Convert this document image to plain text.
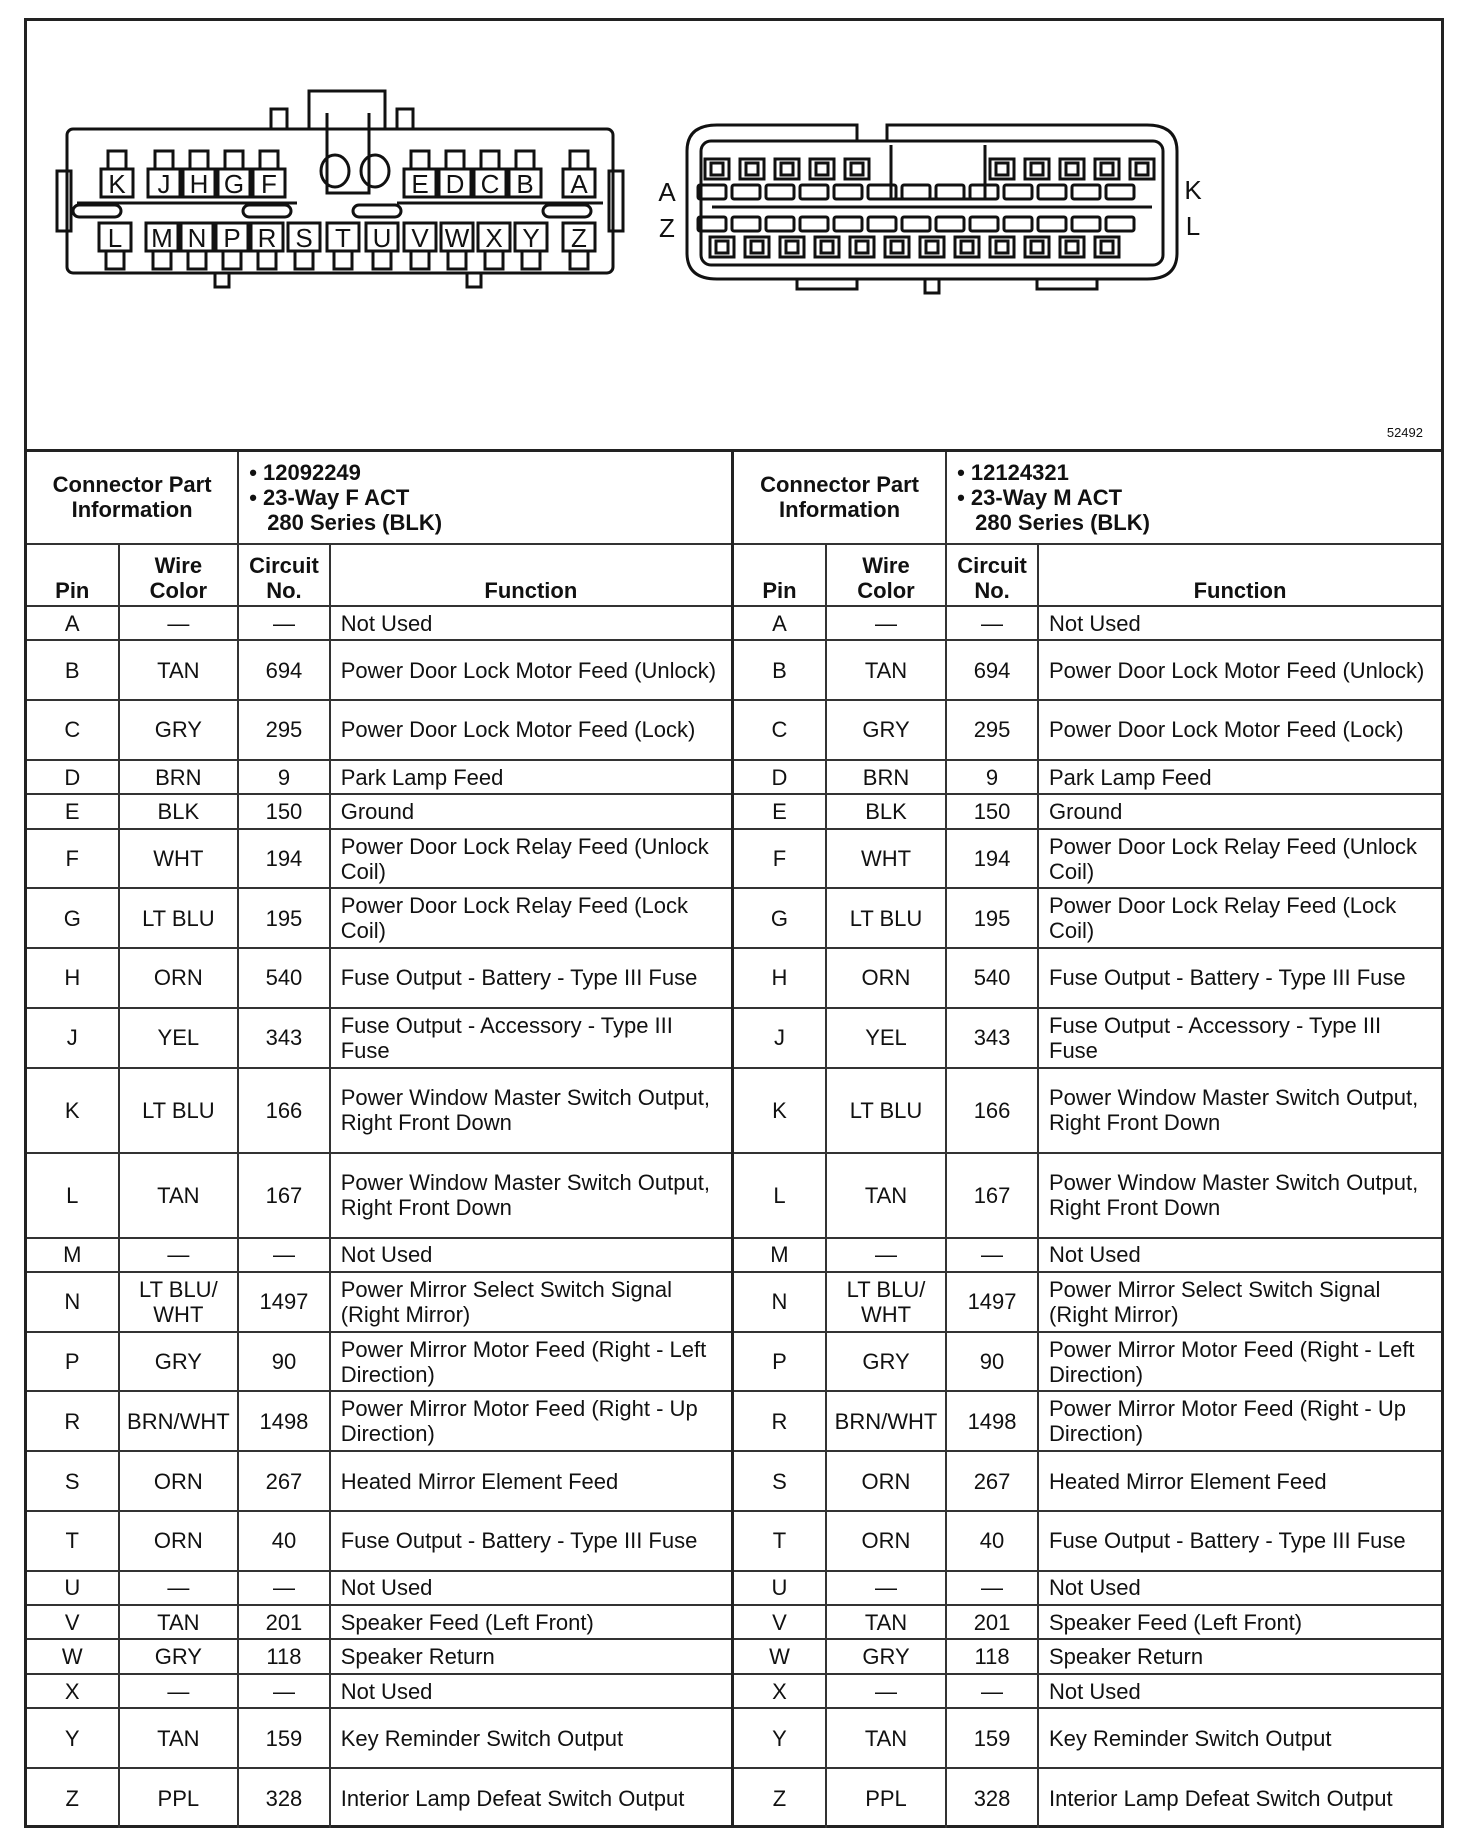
K J H G F	E D C B A
L M N P R S T U V W X Y Z
A
Z
K
L
52492
Connector Part Information		• 12092249
• 23-Way F ACT
280 Series (BLK)	

Pin	Wire Color	Circuit No.	Function
A	—	—	Not Used
B	TAN	694	Power Door Lock Motor Feed (Unlock)
C	GRY	295	Power Door Lock Motor Feed (Lock)
D	BRN	9	Park Lamp Feed
E	BLK	150	Ground
F	WHT	194	Power Door Lock Relay Feed (Unlock Coil)
G	LT BLU	195	Power Door Lock Relay Feed (Lock Coil)
H	ORN	540	Fuse Output - Battery - Type III Fuse
J	YEL	343	Fuse Output - Accessory - Type III Fuse
K	LT BLU	166	Power Window Master Switch Output, Right Front Down
L	TAN	167	Power Window Master Switch Output, Right Front Down
M	—	—	Not Used
N	LT BLU/ WHT	1497	Power Mirror Select Switch Signal (Right Mirror)
P	GRY	90	Power Mirror Motor Feed (Right - Left Direction)
R	BRN/WHT	1498	Power Mirror Motor Feed (Right - Up Direction)
S	ORN	267	Heated Mirror Element Feed
T	ORN	40	Fuse Output - Battery - Type III Fuse
U	—	—	Not Used
V	TAN	201	Speaker Feed (Left Front)
W	GRY	118	Speaker Return
X	—	—	Not Used
Y	TAN	159	Key Reminder Switch Output
Z	PPL	328	Interior Lamp Defeat Switch Output
Connector Part Information		• 12124321
• 23-Way M ACT
280 Series (BLK)	

Pin	Wire Color	Circuit No.	Function
A	—	—	Not Used
B	TAN	694	Power Door Lock Motor Feed (Unlock)
C	GRY	295	Power Door Lock Motor Feed (Lock)
D	BRN	9	Park Lamp Feed
E	BLK	150	Ground
F	WHT	194	Power Door Lock Relay Feed (Unlock Coil)
G	LT BLU	195	Power Door Lock Relay Feed (Lock Coil)
H	ORN	540	Fuse Output - Battery - Type III Fuse
J	YEL	343	Fuse Output - Accessory - Type III Fuse
K	LT BLU	166	Power Window Master Switch Output, Right Front Down
L	TAN	167	Power Window Master Switch Output, Right Front Down
M	—	—	Not Used
N	LT BLU/ WHT	1497	Power Mirror Select Switch Signal (Right Mirror)
P	GRY	90	Power Mirror Motor Feed (Right - Left Direction)
R	BRN/WHT	1498	Power Mirror Motor Feed (Right - Up Direction)
S	ORN	267	Heated Mirror Element Feed
T	ORN	40	Fuse Output - Battery - Type III Fuse
U	—	—	Not Used
V	TAN	201	Speaker Feed (Left Front)
W	GRY	118	Speaker Return
X	—	—	Not Used
Y	TAN	159	Key Reminder Switch Output
Z	PPL	328	Interior Lamp Defeat Switch Output
